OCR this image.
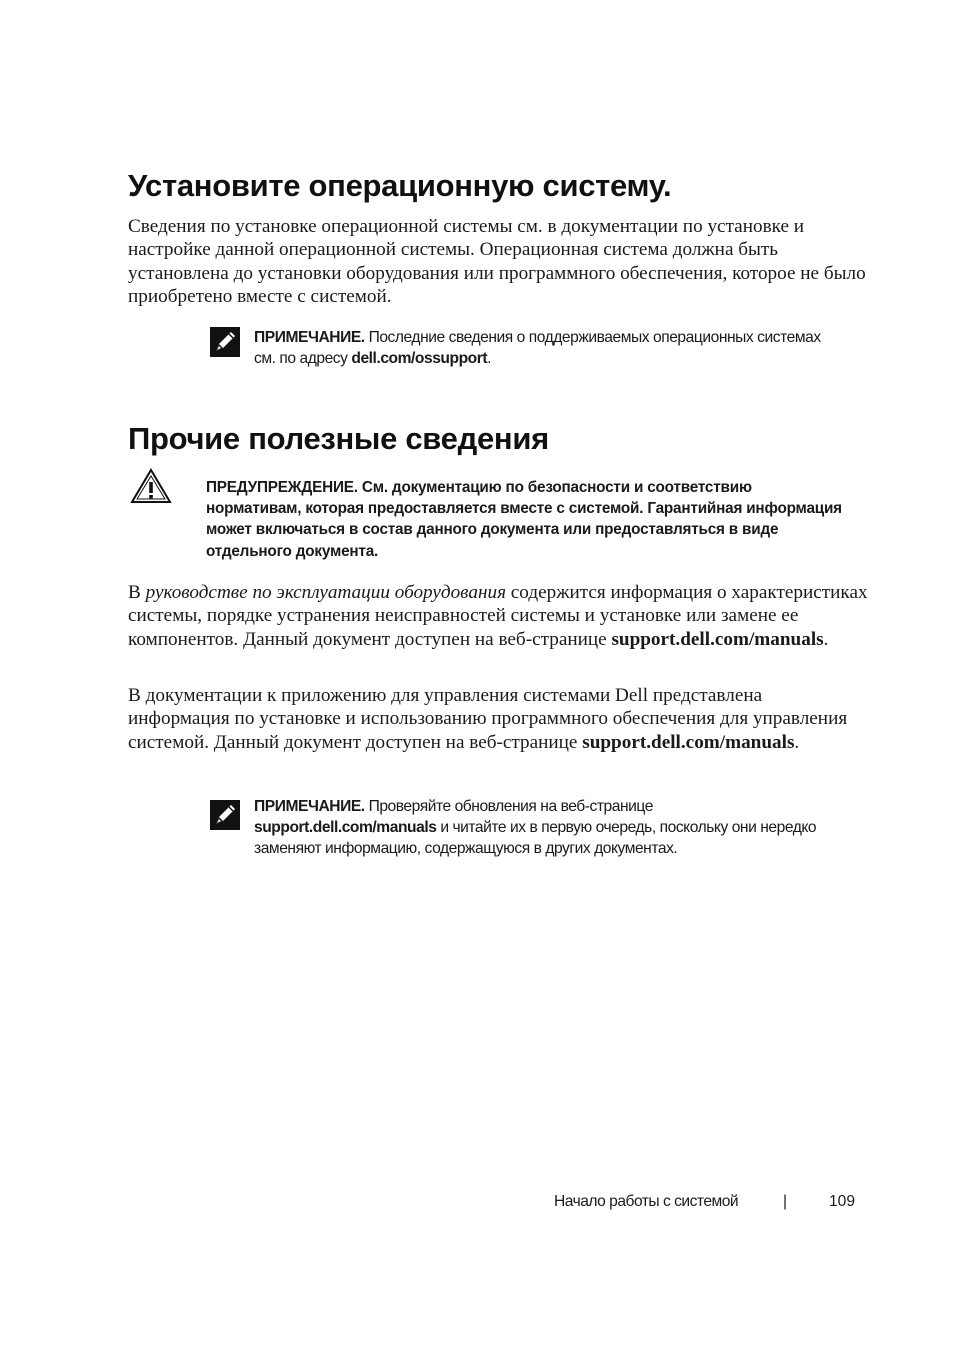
Установите операционную систему.

Сведения по установке операционной системы см. в документации по установке и настройке данной операционной системы. Операционная система должна быть установлена до установки оборудования или программного обеспечения, которое не было приобретено вместе с системой.

ПРИМЕЧАНИЕ. Последние сведения о поддерживаемых операционных системах см. по адресу dell.com/ossupport.

Прочие полезные сведения

ПРЕДУПРЕЖДЕНИЕ. См. документацию по безопасности и соответствию нормативам, которая предоставляется вместе с системой. Гарантийная информация может включаться в состав данного документа или предоставляться в виде отдельного документа.

В руководстве по эксплуатации оборудования содержится информация о характеристиках системы, порядке устранения неисправностей системы и установке или замене ее компонентов. Данный документ доступен на веб-странице support.dell.com/manuals.

В документации к приложению для управления системами Dell представлена информация по установке и использованию программного обеспечения для управления системой. Данный документ доступен на веб-странице support.dell.com/manuals.

ПРИМЕЧАНИЕ. Проверяйте обновления на веб-странице support.dell.com/manuals и читайте их в первую очередь, поскольку они нередко заменяют информацию, содержащуюся в других документах.

Начало работы с системой	|	109
